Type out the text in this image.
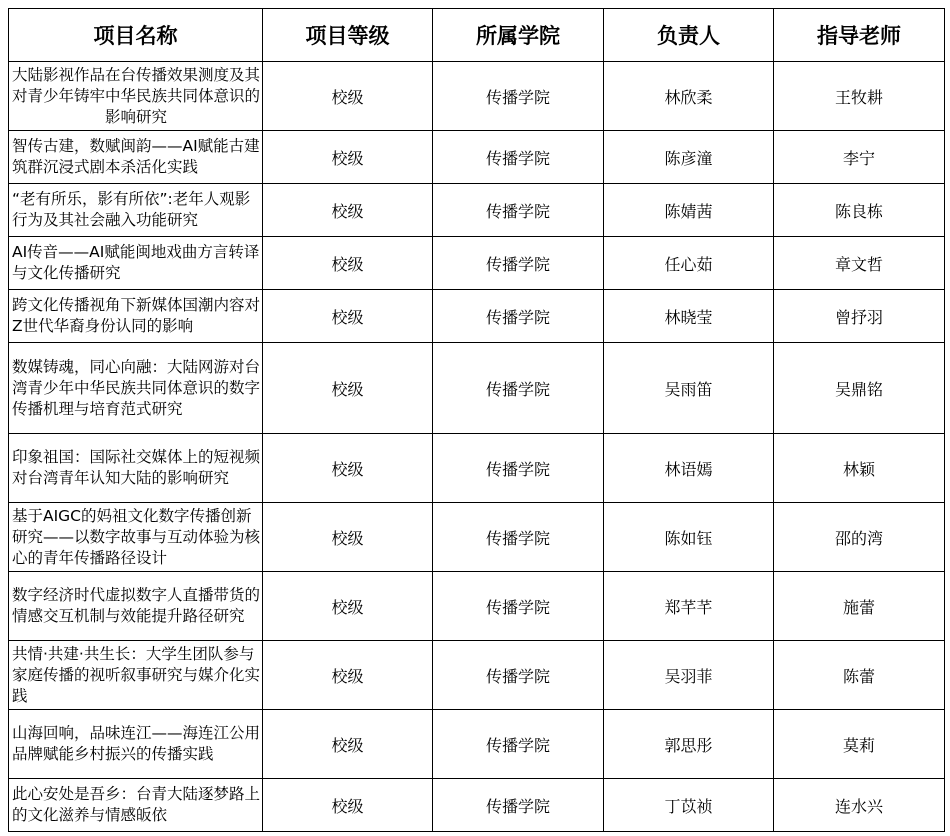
项目名称	项目等级	所属学院	负责人	指导老师
大陆影视作品在台传播效果测度及其对青少年铸牢中华民族共同体意识的影响研究	校级	传播学院	林欣柔	王牧耕
智传古建，数赋闽韵——AI赋能古建筑群沉浸式剧本杀活化实践	校级	传播学院	陈彦潼	李宁
“老有所乐，影有所依”:老年人观影行为及其社会融入功能研究	校级	传播学院	陈婧茜	陈良栋
AI传音——AI赋能闽地戏曲方言转译与文化传播研究	校级	传播学院	任心茹	章文哲
跨文化传播视角下新媒体国潮内容对Z世代华裔身份认同的影响	校级	传播学院	林晓莹	曾抒羽
数媒铸魂，同心向融：大陆网游对台湾青少年中华民族共同体意识的数字传播机理与培育范式研究	校级	传播学院	吴雨笛	吴鼎铭
印象祖国：国际社交媒体上的短视频对台湾青年认知大陆的影响研究	校级	传播学院	林语嫣	林颖
基于AIGC的妈祖文化数字传播创新研究——以数字故事与互动体验为核心的青年传播路径设计	校级	传播学院	陈如钰	邵的湾
数字经济时代虚拟数字人直播带货的情感交互机制与效能提升路径研究	校级	传播学院	郑芊芊	施蕾
共情·共建·共生长：大学生团队参与家庭传播的视听叙事研究与媒介化实践	校级	传播学院	吴羽菲	陈蕾
山海回响，品味连江——海连江公用品牌赋能乡村振兴的传播实践	校级	传播学院	郭思彤	莫莉
此心安处是吾乡：台青大陆逐梦路上的文化滋养与情感皈依	校级	传播学院	丁苡祯	连水兴
